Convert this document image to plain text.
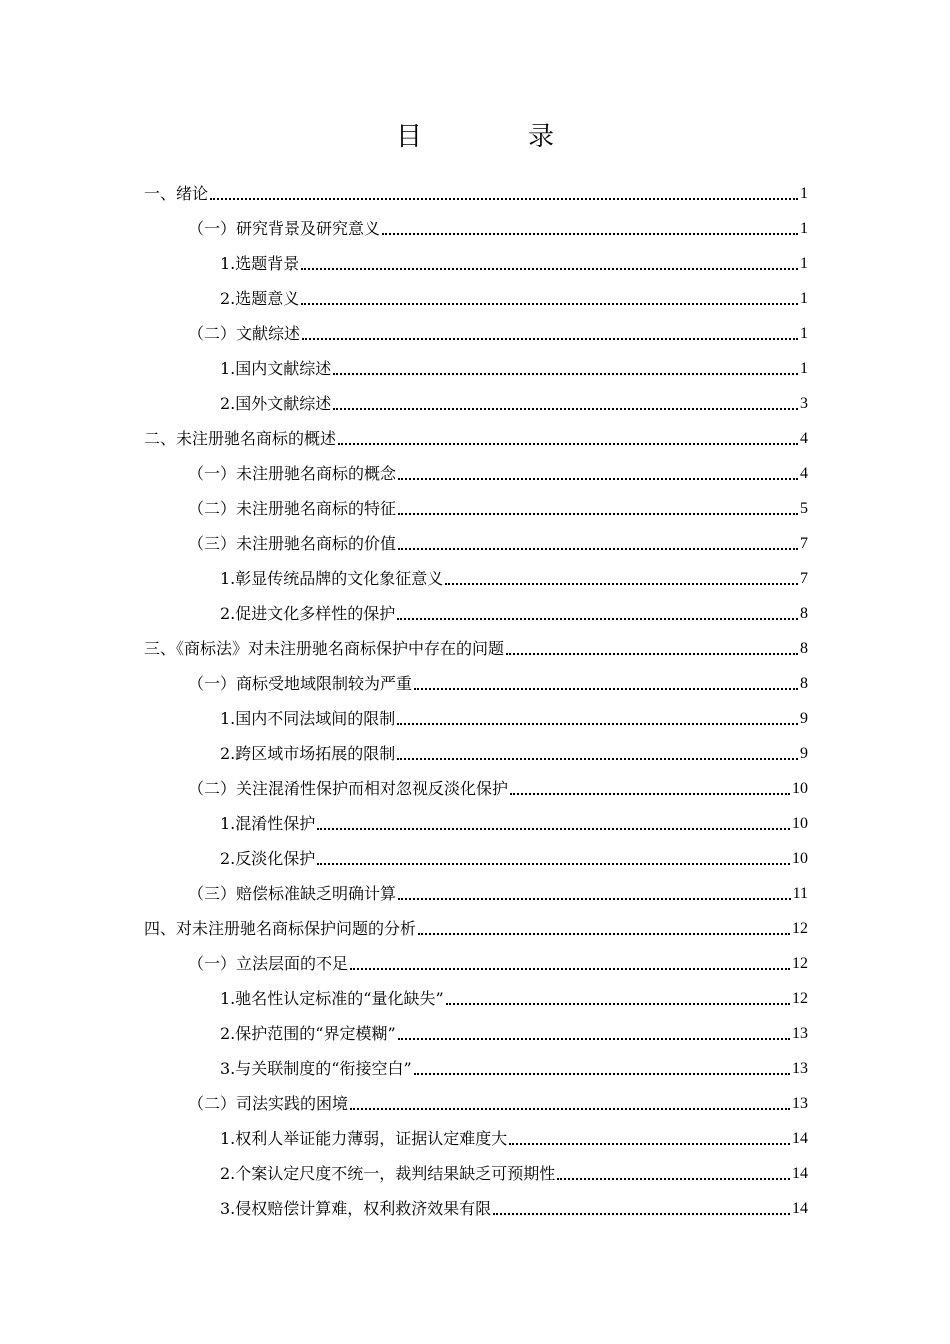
目　录
一、绪论	1
（一）研究背景及研究意义	1
1.选题背景	1
2.选题意义	1
（二）文献综述	1
1.国内文献综述	1
2.国外文献综述	3
二、未注册驰名商标的概述	4
（一）未注册驰名商标的概念	4
（二）未注册驰名商标的特征	5
（三）未注册驰名商标的价值	7
1.彰显传统品牌的文化象征意义	7
2.促进文化多样性的保护	8
三、《商标法》对未注册驰名商标保护中存在的问题	8
（一）商标受地域限制较为严重	8
1.国内不同法域间的限制	9
2.跨区域市场拓展的限制	9
（二）关注混淆性保护而相对忽视反淡化保护	10
1.混淆性保护	10
2.反淡化保护	10
（三）赔偿标准缺乏明确计算	11
四、对未注册驰名商标保护问题的分析	12
（一）立法层面的不足	12
1.驰名性认定标准的“量化缺失”	12
2.保护范围的“界定模糊”	13
3.与关联制度的“衔接空白”	13
（二）司法实践的困境	13
1.权利人举证能力薄弱，证据认定难度大	14
2.个案认定尺度不统一，裁判结果缺乏可预期性	14
3.侵权赔偿计算难，权利救济效果有限	14
